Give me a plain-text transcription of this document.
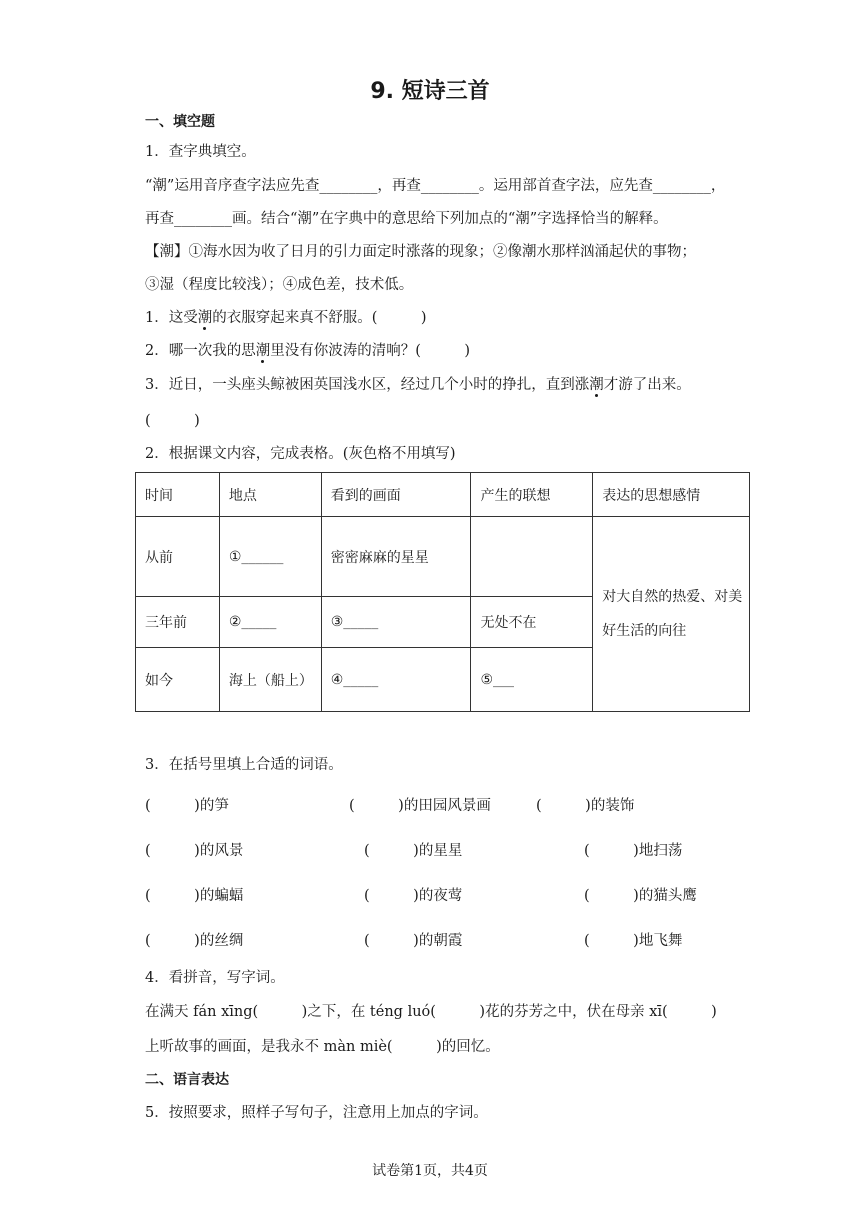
9. 短诗三首
一、填空题
1．查字典填空。
“潮”运用音序查字法应先查________，再查________。运用部首查字法，应先查________，
再查________画。结合“潮”在字典中的意思给下列加点的“潮”字选择恰当的解释。
【潮】①海水因为收了日月的引力面定时涨落的现象；②像潮水那样汹涌起伏的事物；
③湿（程度比较浅）；④成色差，技术低。
1．这受潮的衣服穿起来真不舒服。(　　　)
2．哪一次我的思潮里没有你波涛的清响？(　　　)
3．近日，一头座头鲸被困英国浅水区，经过几个小时的挣扎，直到涨潮才游了出来。
(　　　)
2．根据课文内容，完成表格。(灰色格不用填写)
时间	地点	看到的画面	产生的联想	表达的思想感情
从前	①______	密密麻麻的星星		对大自然的热爱、对美好生活的向往
三年前	②_____	③_____	无处不在	
如今	海上（船上）	④_____	⑤___	
3．在括号里填上合适的词语。
(　　　)的笋	(　　　)的田园风景画	(　　　)的装饰
(　　　)的风景	(　　　)的星星	(　　　)地扫荡
(　　　)的蝙蝠	(　　　)的夜莺	(　　　)的猫头鹰
(　　　)的丝绸	(　　　)的朝霞	(　　　)地飞舞
4．看拼音，写字词。
在满天 fán xīng(　　　)之下，在 téng luó(　　　)花的芬芳之中，伏在母亲 xī(　　　)
上听故事的画面，是我永不 màn miè(　　　)的回忆。
二、语言表达
5．按照要求，照样子写句子，注意用上加点的字词。
试卷第1页，共4页
